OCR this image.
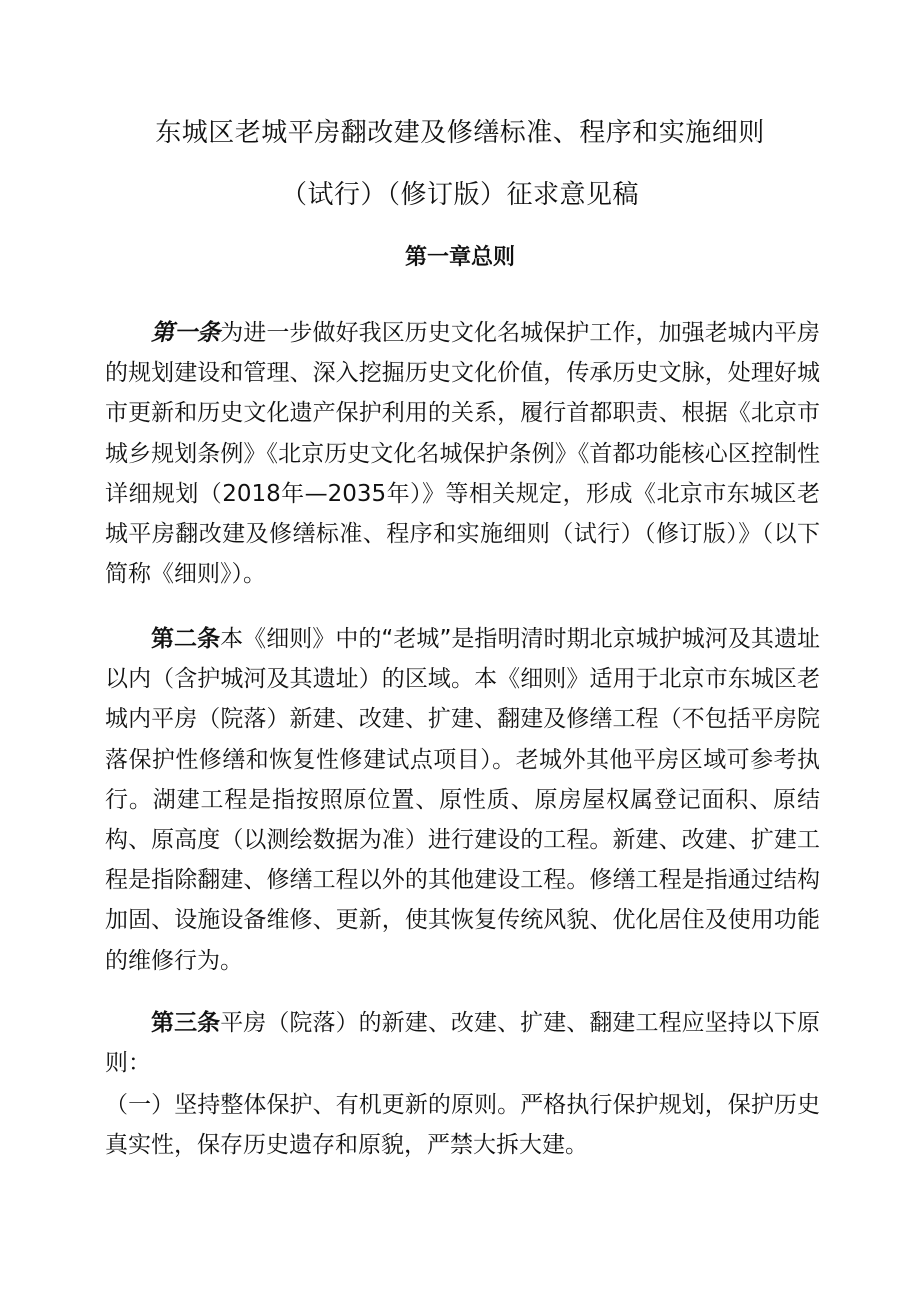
东城区老城平房翻改建及修缮标准、程序和实施细则
（试行）（修订版）征求意见稿
第一章总则

第一条为进一步做好我区历史文化名城保护工作，加强老城内平房的规划建设和管理、深入挖掘历史文化价值，传承历史文脉，处理好城市更新和历史文化遗产保护利用的关系，履行首都职责、根据《北京市城乡规划条例》《北京历史文化名城保护条例》《首都功能核心区控制性详细规划（2018年—2035年）》等相关规定，形成《北京市东城区老城平房翻改建及修缮标准、程序和实施细则（试行）（修订版）》（以下简称《细则》）。

第二条本《细则》中的“老城”是指明清时期北京城护城河及其遗址以内（含护城河及其遗址）的区域。本《细则》适用于北京市东城区老城内平房（院落）新建、改建、扩建、翻建及修缮工程（不包括平房院落保护性修缮和恢复性修建试点项目）。老城外其他平房区域可参考执行。湖建工程是指按照原位置、原性质、原房屋权属登记面积、原结构、原高度（以测绘数据为准）进行建设的工程。新建、改建、扩建工程是指除翻建、修缮工程以外的其他建设工程。修缮工程是指通过结构加固、设施设备维修、更新，使其恢复传统风貌、优化居住及使用功能的维修行为。

第三条平房（院落）的新建、改建、扩建、翻建工程应坚持以下原则：

（一）坚持整体保护、有机更新的原则。严格执行保护规划，保护历史真实性，保存历史遗存和原貌，严禁大拆大建。
